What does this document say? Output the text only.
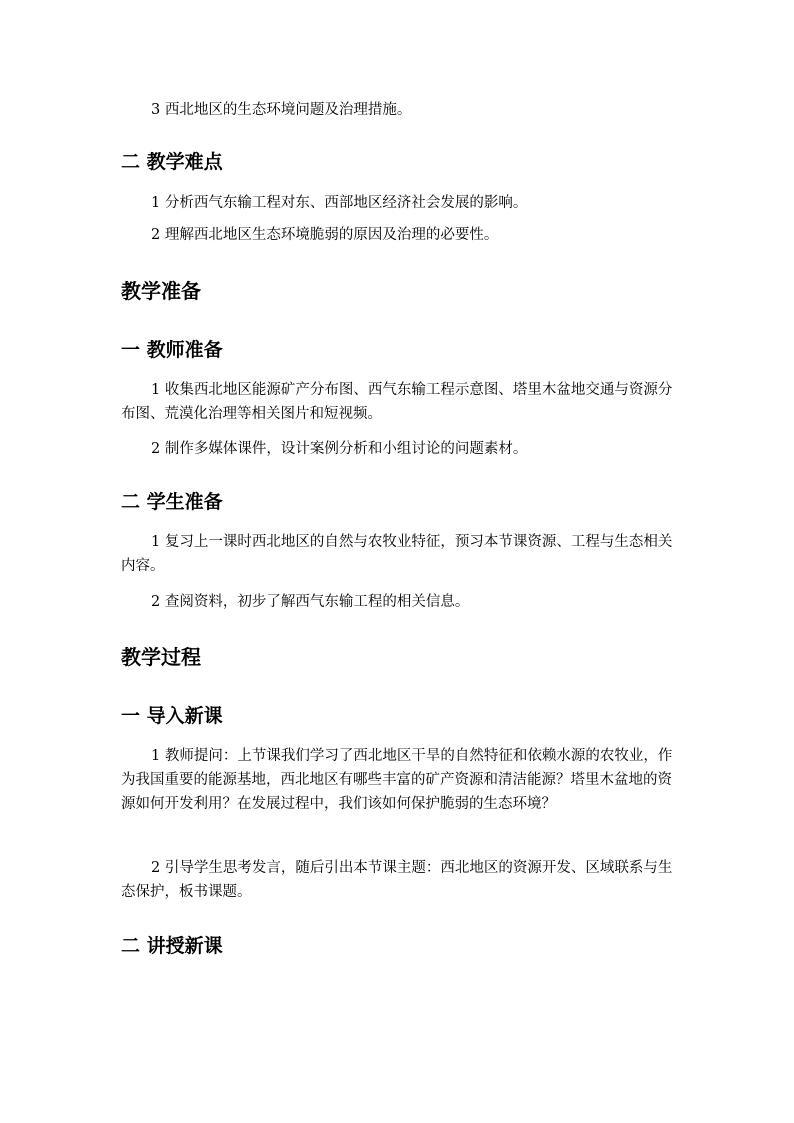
3 西北地区的生态环境问题及治理措施。

二 教学难点

1 分析西气东输工程对东、西部地区经济社会发展的影响。

2 理解西北地区生态环境脆弱的原因及治理的必要性。

教学准备
一 教师准备

1 收集西北地区能源矿产分布图、西气东输工程示意图、塔里木盆地交通与资源分布图、荒漠化治理等相关图片和短视频。

2 制作多媒体课件，设计案例分析和小组讨论的问题素材。

二 学生准备

1 复习上一课时西北地区的自然与农牧业特征，预习本节课资源、工程与生态相关内容。

2 查阅资料，初步了解西气东输工程的相关信息。

教学过程
一 导入新课

1 教师提问：上节课我们学习了西北地区干旱的自然特征和依赖水源的农牧业，作为我国重要的能源基地，西北地区有哪些丰富的矿产资源和清洁能源？塔里木盆地的资源如何开发利用？在发展过程中，我们该如何保护脆弱的生态环境？

2 引导学生思考发言，随后引出本节课主题：西北地区的资源开发、区域联系与生态保护，板书课题。

二 讲授新课
